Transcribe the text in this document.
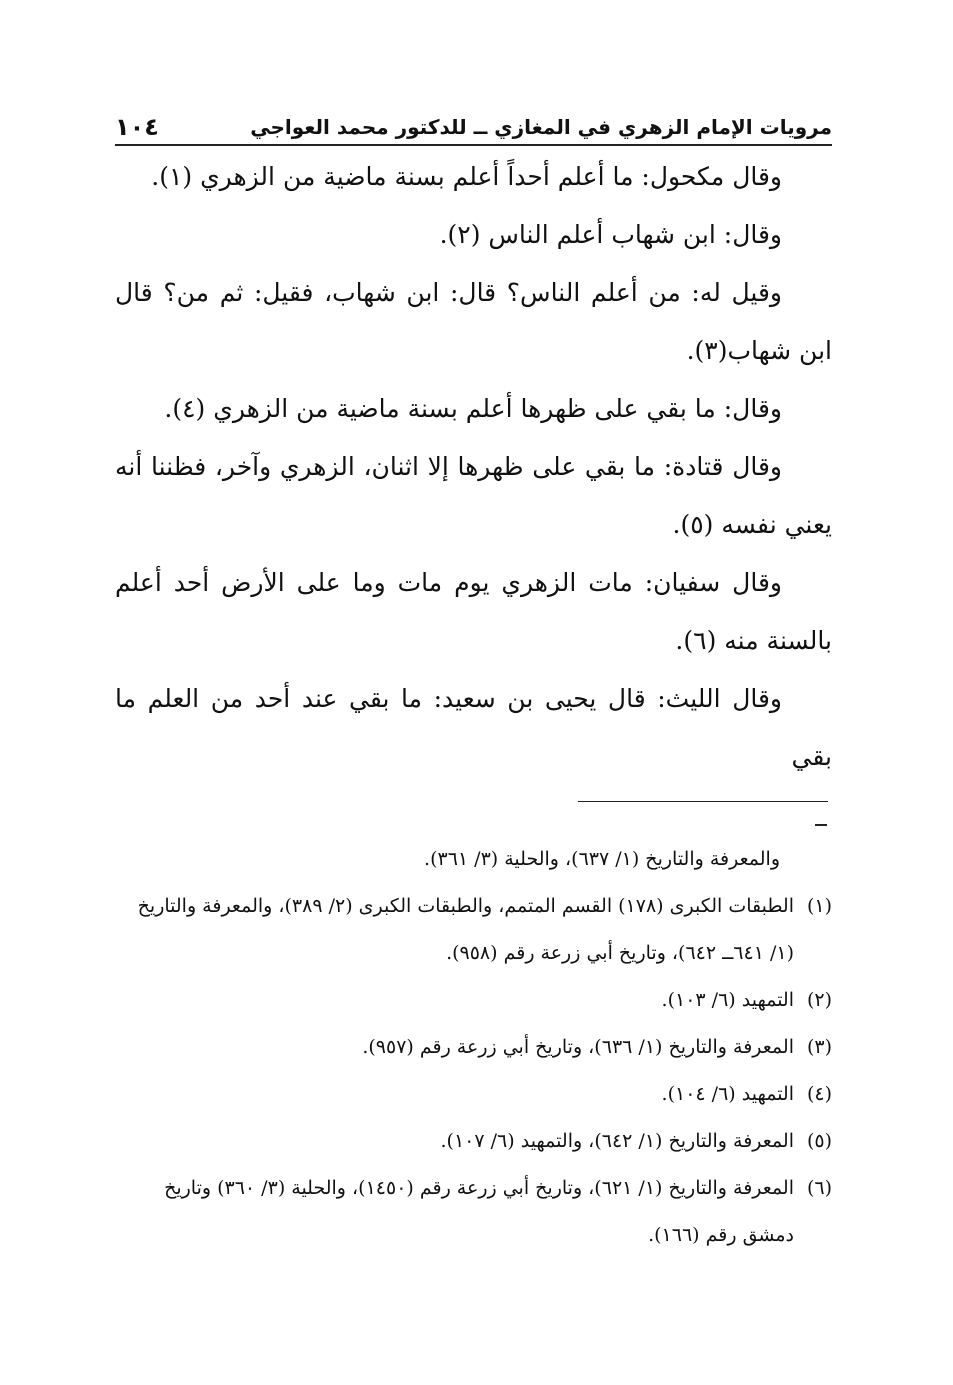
مرويات الإمام الزهري في المغازي ــ للدكتور محمد العواجي
١٠٤

وقال مكحول: ما أعلم أحداً أعلم بسنة ماضية من الزهري (١).

وقال: ابن شهاب أعلم الناس (٢).

وقيل له: من أعلم الناس؟ قال: ابن شهاب، فقيل: ثم من؟ قال ابن شهاب(٣).

وقال: ما بقي على ظهرها أعلم بسنة ماضية من الزهري (٤).

وقال قتادة: ما بقي على ظهرها إلا اثنان، الزهري وآخر، فظننا أنه يعني نفسه (٥).

وقال سفيان: مات الزهري يوم مات وما على الأرض أحد أعلم بالسنة منه (٦).

وقال الليث: قال يحيى بن سعيد: ما بقي عند أحد من العلم ما بقي

والمعرفة والتاريخ (١/ ٦٣٧)، والحلية (٣/ ٣٦١).
(١)
الطبقات الكبرى (١٧٨) القسم المتمم، والطبقات الكبرى (٢/ ٣٨٩)، والمعرفة والتاريخ (١/ ٦٤١ــ ٦٤٢)، وتاريخ أبي زرعة رقم (٩٥٨).
(٢)
التمهيد (٦/ ١٠٣).
(٣)
المعرفة والتاريخ (١/ ٦٣٦)، وتاريخ أبي زرعة رقم (٩٥٧).
(٤)
التمهيد (٦/ ١٠٤).
(٥)
المعرفة والتاريخ (١/ ٦٤٢)، والتمهيد (٦/ ١٠٧).
(٦)
المعرفة والتاريخ (١/ ٦٢١)، وتاريخ أبي زرعة رقم (١٤٥٠)، والحلية (٣/ ٣٦٠) وتاريخ دمشق رقم (١٦٦).
